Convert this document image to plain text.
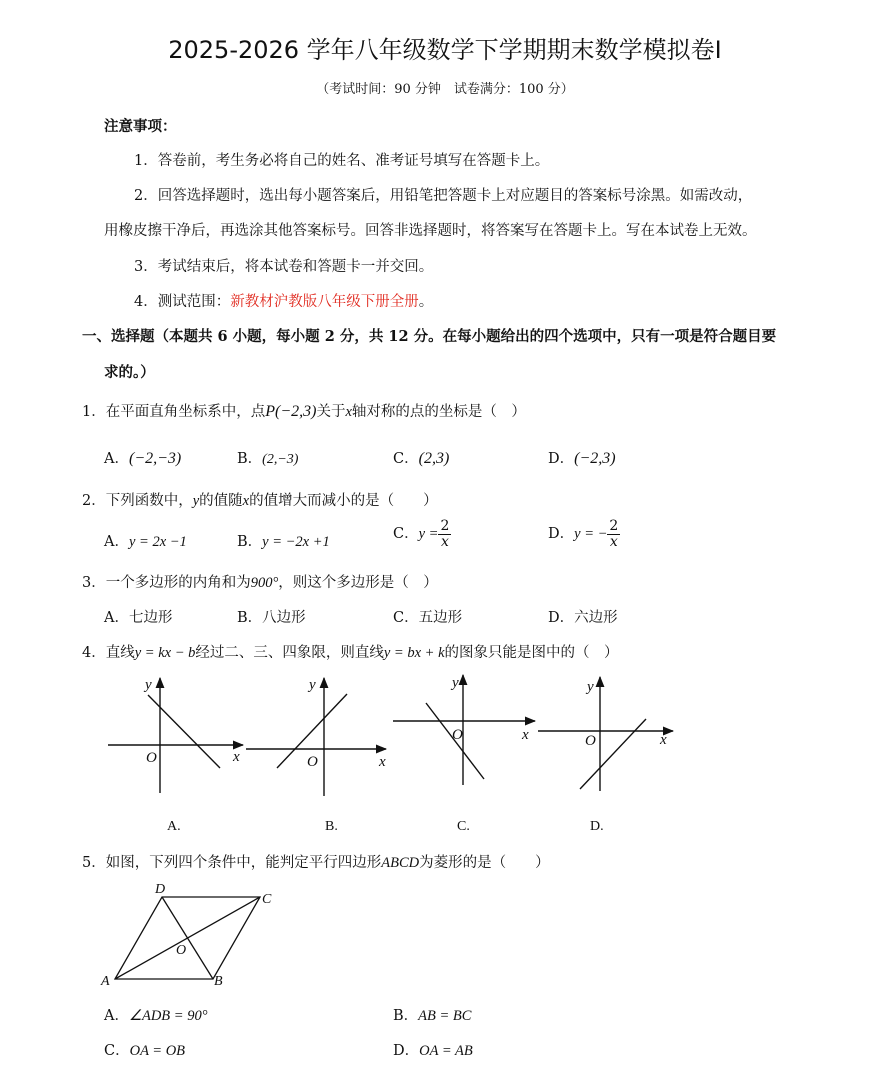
2025-2026 学年八年级数学下学期期末数学模拟卷Ⅰ
（考试时间：90 分钟　试卷满分：100 分）
注意事项：
1．答卷前，考生务必将自己的姓名、准考证号填写在答题卡上。
2．回答选择题时，选出每小题答案后，用铅笔把答题卡上对应题目的答案标号涂黑。如需改动，
用橡皮擦干净后，再选涂其他答案标号。回答非选择题时，将答案写在答题卡上。写在本试卷上无效。
3．考试结束后，将本试卷和答题卡一并交回。
4．测试范围：新教材沪教版八年级下册全册。
一、选择题（本题共 6 小题，每小题 2 分，共 12 分。在每小题给出的四个选项中，只有一项是符合题目要
求的。）
1．在平面直角坐标系中，点P(−2,3)关于x轴对称的点的坐标是（　）
A．(−2,−3)	B．(2,−3)	C．(2,3)	D．(−2,3)
2．下列函数中，y的值随x的值增大而减小的是（　　）
A．y = 2x −1	B．y = −2x +1	C．$y = \frac{2}{x}$	D．y = − $\frac{2}{x}$
3．一个多边形的内角和为900°，则这个多边形是（　）
A．七边形	B．八边形	C．五边形	D．六边形
4．直线y = kx − b经过二、三、四象限，则直线y = bx + k的图象只能是图中的（　）
y
x
O
y
x
O
y
x
O
y
x
O
A.	B.	C.	D.
5．如图，下列四个条件中，能判定平行四边形ABCD为菱形的是（　　）
A	B
C
D
O
A．∠ADB = 90°	B．AB = BC
C．OA = OB	D．OA = AB
